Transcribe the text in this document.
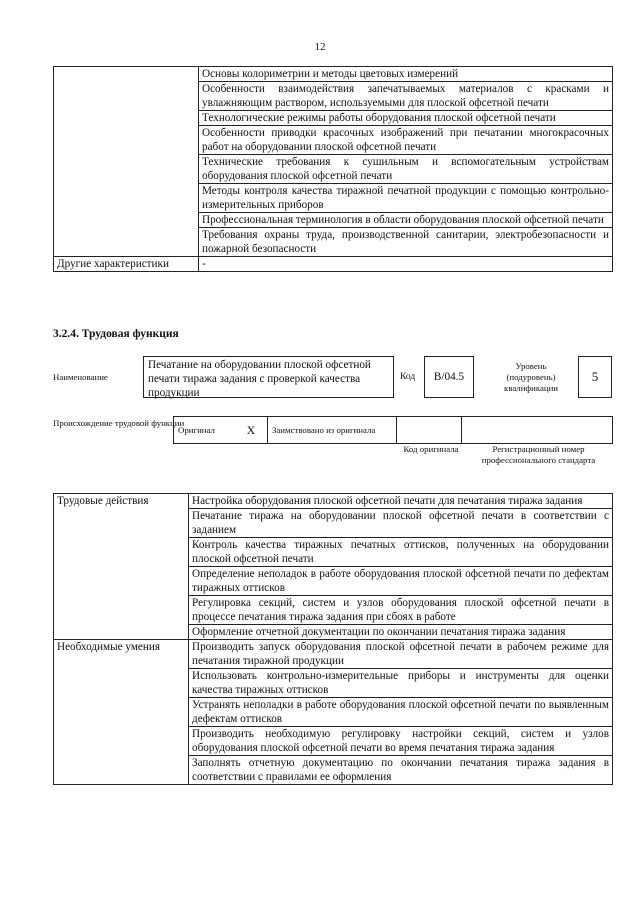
12
	Основы колориметрии и методы цветовых измерений
	Особенности взаимодействия запечатываемых материалов с красками и увлажняющим раствором, используемыми для плоской офсетной печати
	Технологические режимы работы оборудования плоской офсетной печати
	Особенности приводки красочных изображений при печатании многокрасочных работ на оборудовании плоской офсетной печати
	Технические требования к сушильным и вспомогательным устройствам оборудования плоской офсетной печати
	Методы контроля качества тиражной печатной продукции с помощью контрольно-измерительных приборов
	Профессиональная терминология в области оборудования плоской офсетной печати
	Требования охраны труда, производственной санитарии, электробезопасности и пожарной безопасности
Другие характеристики	-
3.2.4. Трудовая функция
Наименование
Печатание на оборудовании плоской офсетной печати тиража задания с проверкой качества продукции
Код	B/04.5
Уровень (подуровень) квалификации
5
Происхождение трудовой функции
Оригинал	X	Заимствовано из оригинала		
Код оригинала	Регистрационный номер профессионального стандарта
Трудовые действия	Настройка оборудования плоской офсетной печати для печатания тиража задания
	Печатание тиража на оборудовании плоской офсетной печати в соответствии с заданием
	Контроль качества тиражных печатных оттисков, полученных на оборудовании плоской офсетной печати
	Определение неполадок в работе оборудования плоской офсетной печати по дефектам тиражных оттисков
	Регулировка секций, систем и узлов оборудования плоской офсетной печати в процессе печатания тиража задания при сбоях в работе
	Оформление отчетной документации по окончании печатания тиража задания
Необходимые умения	Производить запуск оборудования плоской офсетной печати в рабочем режиме для печатания тиражной продукции
	Использовать контрольно-измерительные приборы и инструменты для оценки качества тиражных оттисков
	Устранять неполадки в работе оборудования плоской офсетной печати по выявленным дефектам оттисков
	Производить необходимую регулировку настройки секций, систем и узлов оборудования плоской офсетной печати во время печатания тиража задания
	Заполнять отчетную документацию по окончании печатания тиража задания в соответствии с правилами ее оформления
